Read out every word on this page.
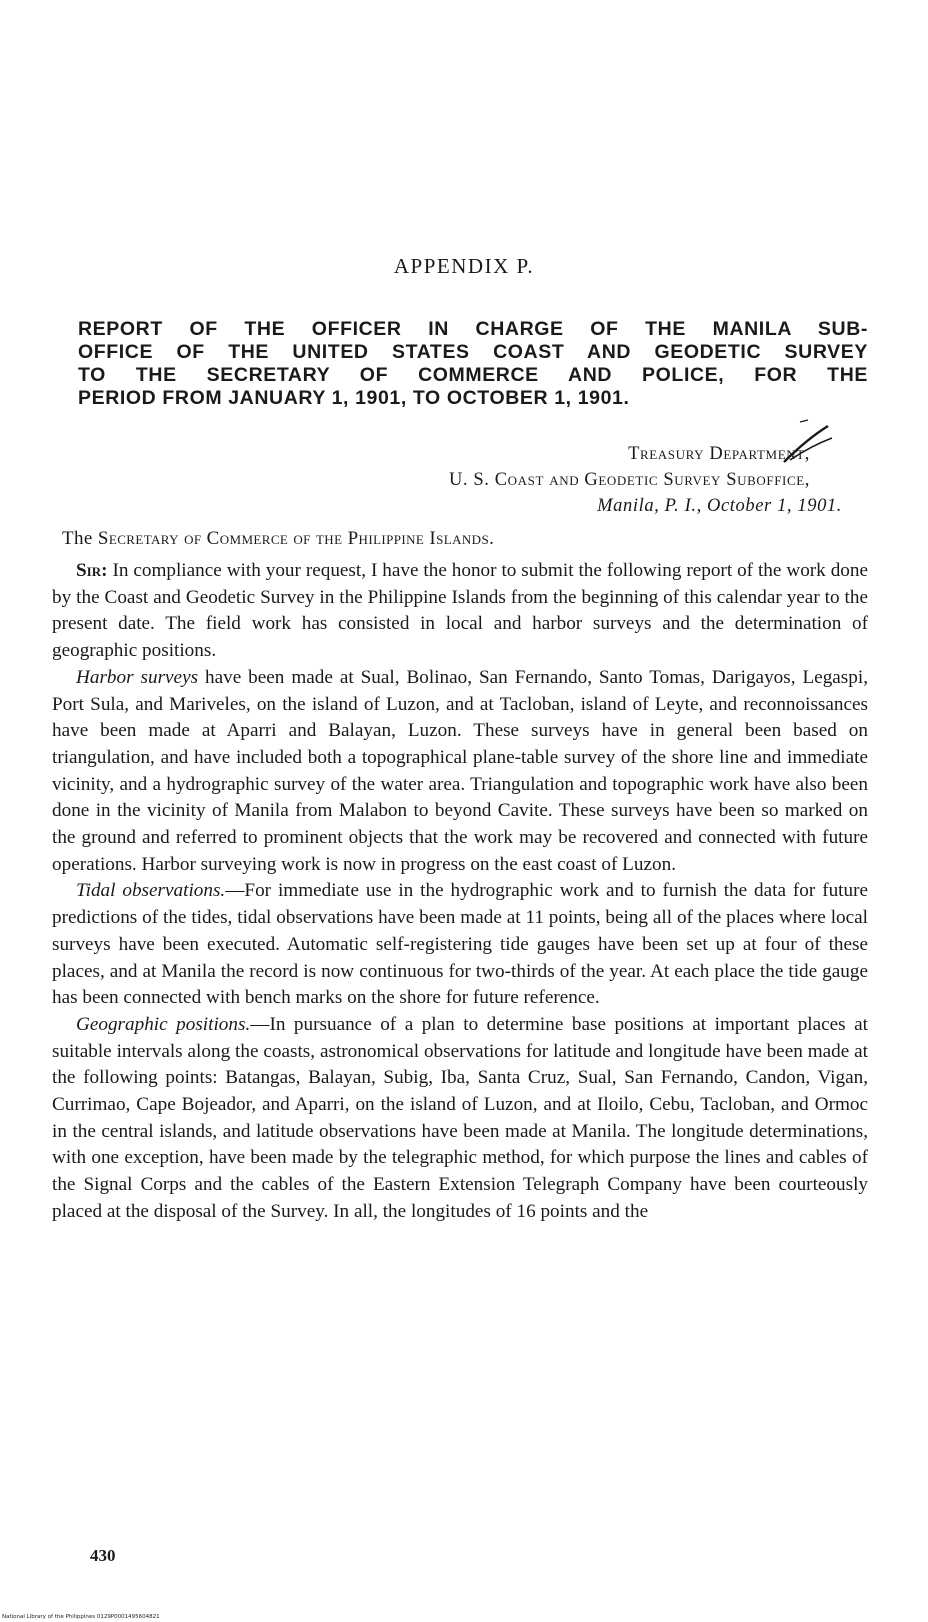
APPENDIX P.
REPORT OF THE OFFICER IN CHARGE OF THE MANILA SUB-
OFFICE OF THE UNITED STATES COAST AND GEODETIC SURVEY
TO THE SECRETARY OF COMMERCE AND POLICE, FOR THE
PERIOD FROM JANUARY 1, 1901, TO OCTOBER 1, 1901.
Treasury Department,
U. S. Coast and Geodetic Survey Suboffice,
Manila, P. I., October 1, 1901.
The Secretary of Commerce of the Philippine Islands.

Sir: In compliance with your request, I have the honor to submit the following report of the work done by the Coast and Geodetic Survey in the Philippine Islands from the beginning of this calendar year to the present date. The field work has consisted in local and harbor surveys and the determination of geographic positions.

Harbor surveys have been made at Sual, Bolinao, San Fernando, Santo Tomas, Darigayos, Legaspi, Port Sula, and Mariveles, on the island of Luzon, and at Tacloban, island of Leyte, and reconnoissances have been made at Aparri and Balayan, Luzon. These surveys have in general been based on triangulation, and have included both a topographical plane-table survey of the shore line and immediate vicinity, and a hydrographic survey of the water area. Triangulation and topographic work have also been done in the vicinity of Manila from Malabon to beyond Cavite. These surveys have been so marked on the ground and referred to prominent objects that the work may be recovered and connected with future operations. Harbor surveying work is now in progress on the east coast of Luzon.

Tidal observations.—For immediate use in the hydrographic work and to furnish the data for future predictions of the tides, tidal observations have been made at 11 points, being all of the places where local surveys have been executed. Automatic self-registering tide gauges have been set up at four of these places, and at Manila the record is now continuous for two-thirds of the year. At each place the tide gauge has been connected with bench marks on the shore for future reference.

Geographic positions.—In pursuance of a plan to determine base positions at important places at suitable intervals along the coasts, astronomical observations for latitude and longitude have been made at the following points: Batangas, Balayan, Subig, Iba, Santa Cruz, Sual, San Fernando, Candon, Vigan, Currimao, Cape Bojeador, and Aparri, on the island of Luzon, and at Iloilo, Cebu, Tacloban, and Ormoc in the central islands, and latitude observations have been made at Manila. The longitude determinations, with one exception, have been made by the telegraphic method, for which purpose the lines and cables of the Signal Corps and the cables of the Eastern Extension Telegraph Company have been courteously placed at the disposal of the Survey. In all, the longitudes of 16 points and the

430
National Library of the Philippines 0129P0001495604821
